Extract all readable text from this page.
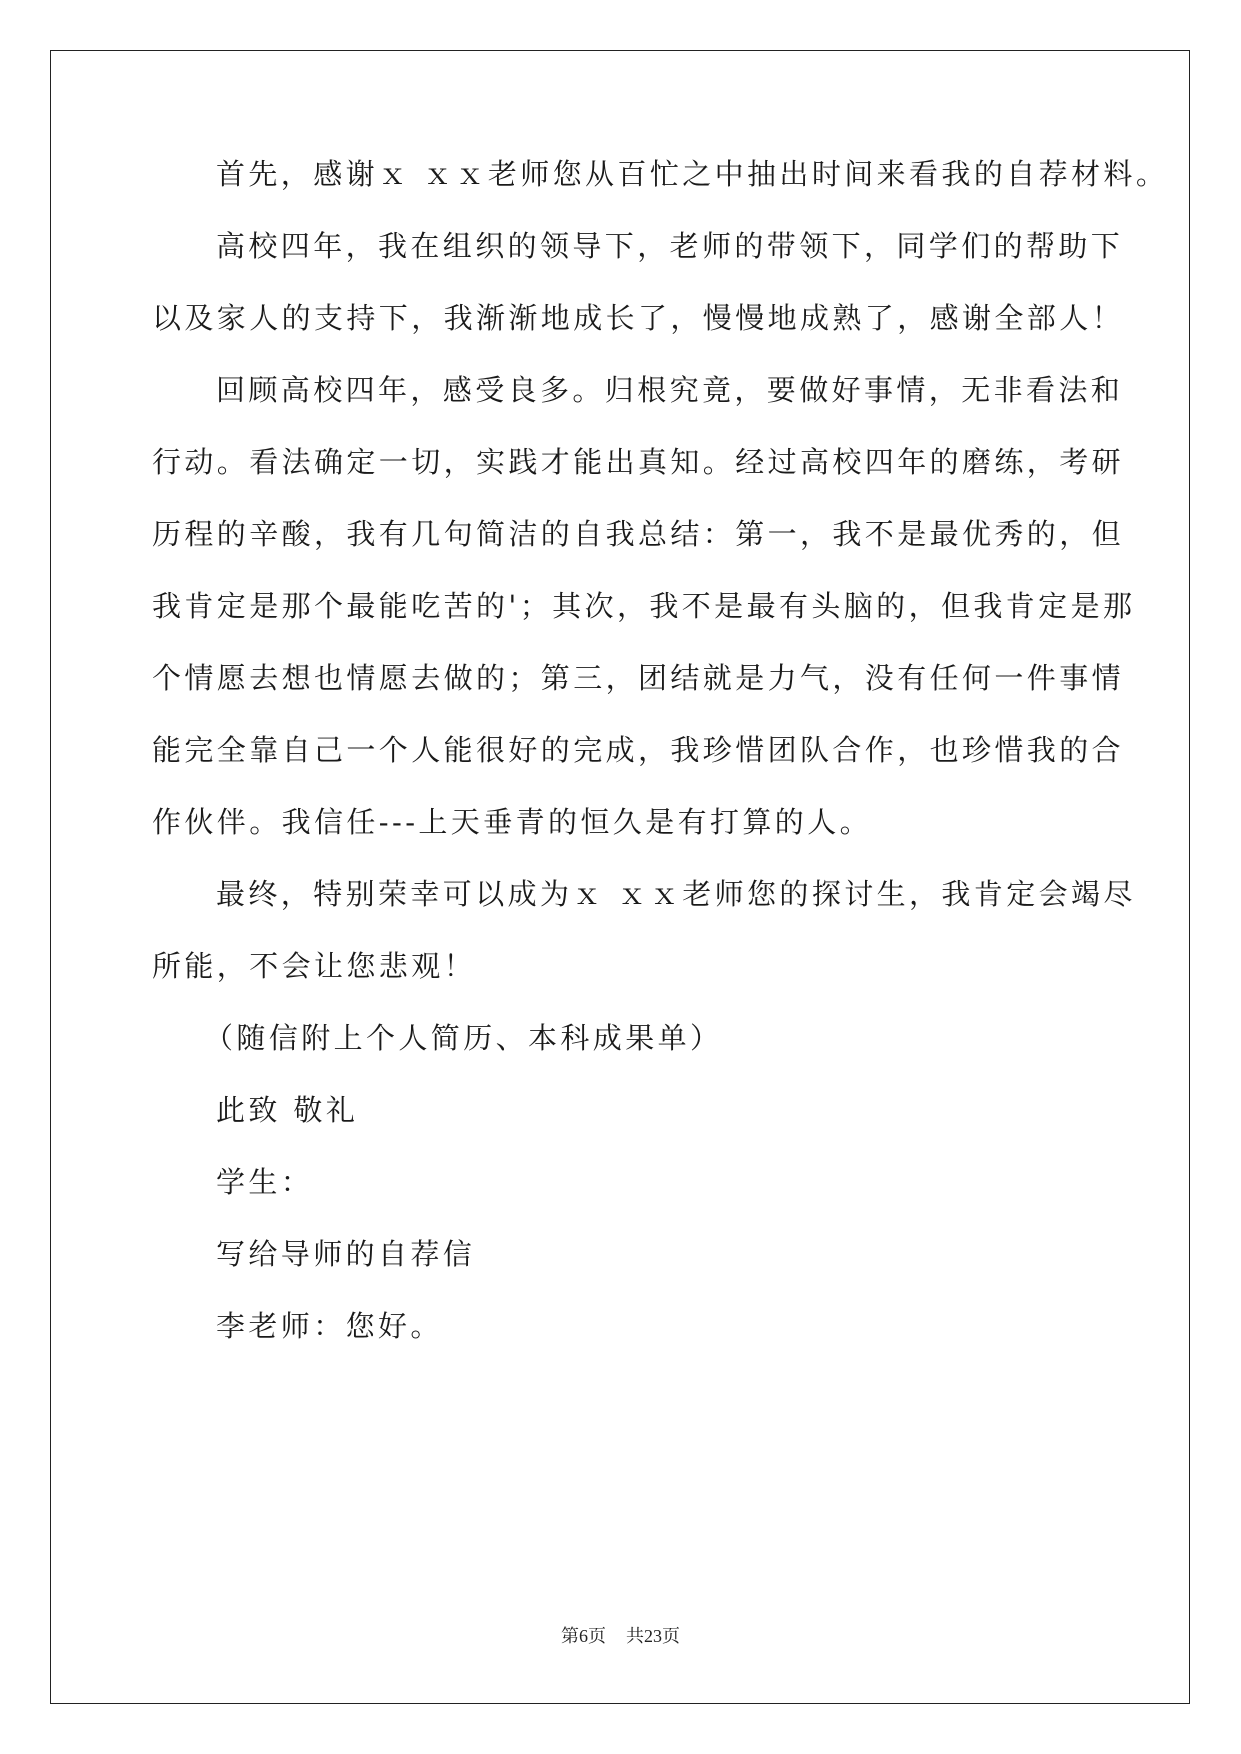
首先，感谢ｘ ｘｘ老师您从百忙之中抽出时间来看我的自荐材料。
高校四年，我在组织的领导下，老师的带领下，同学们的帮助下
以及家人的支持下，我渐渐地成长了，慢慢地成熟了，感谢全部人！
回顾高校四年，感受良多。归根究竟，要做好事情，无非看法和
行动。看法确定一切，实践才能出真知。经过高校四年的磨练，考研
历程的辛酸，我有几句简洁的自我总结：第一，我不是最优秀的，但
我肯定是那个最能吃苦的'；其次，我不是最有头脑的，但我肯定是那
个情愿去想也情愿去做的；第三，团结就是力气，没有任何一件事情
能完全靠自己一个人能很好的完成，我珍惜团队合作，也珍惜我的合
作伙伴。我信任---上天垂青的恒久是有打算的人。
最终，特别荣幸可以成为ｘ ｘｘ老师您的探讨生，我肯定会竭尽
所能，不会让您悲观！
（随信附上个人简历、本科成果单）
此致 敬礼
学生：
写给导师的自荐信
李老师：您好。
第6页 共23页
